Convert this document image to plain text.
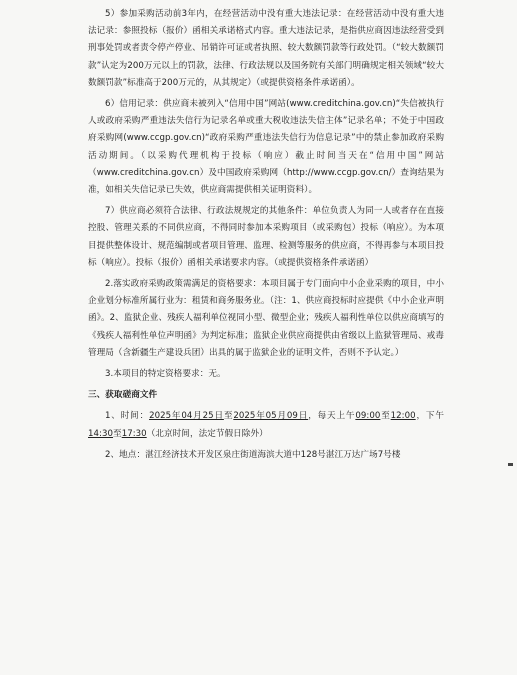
5）参加采购活动前3年内，在经营活动中没有重大违法记录：在经营活动中没有重大违法记录：参照投标（报价）函相关承诺格式内容。重大违法记录，是指供应商因违法经营受到刑事处罚或者责令停产停业、吊销许可证或者执照、较大数额罚款等行政处罚。（“较大数额罚款”认定为200万元以上的罚款，法律、行政法规以及国务院有关部门明确规定相关领域“较大数额罚款”标准高于200万元的，从其规定）（或提供资格条件承诺函）。

6）信用记录：供应商未被列入“信用中国”网站(www.creditchina.gov.cn)“失信被执行人或政府采购严重违法失信行为记录名单或重大税收违法失信主体”记录名单；不处于中国政府采购网(www.ccgp.gov.cn)“政府采购严重违法失信行为信息记录”中的禁止参加政府采购活动期间。（以采购代理机构于投标（响应）截止时间当天在“信用中国”网站（www.creditchina.gov.cn）及中国政府采购网（http://www.ccgp.gov.cn/）查询结果为准，如相关失信记录已失效，供应商需提供相关证明资料）。

7）供应商必须符合法律、行政法规规定的其他条件：单位负责人为同一人或者存在直接控股、管理关系的不同供应商，不得同时参加本采购项目（或采购包）投标（响应）。为本项目提供整体设计、规范编制或者项目管理、监理、检测等服务的供应商，不得再参与本项目投标（响应）。投标（报价）函相关承诺要求内容。（或提供资格条件承诺函）

2.落实政府采购政策需满足的资格要求：本项目属于专门面向中小企业采购的项目，中小企业划分标准所属行业为：租赁和商务服务业。（注：1、供应商投标时应提供《中小企业声明函》。2、监狱企业、残疾人福利单位视同小型、微型企业；残疾人福利性单位以供应商填写的《残疾人福利性单位声明函》为判定标准；监狱企业供应商提供由省级以上监狱管理局、戒毒管理局（含新疆生产建设兵团）出具的属于监狱企业的证明文件，否则不予认定。）

3.本项目的特定资格要求：无。

三、获取磋商文件

1、时间：2025年04月25日至2025年05月09日，每天上午09:00至12:00，下午14:30至17:30（北京时间，法定节假日除外）

2、地点：湛江经济技术开发区泉庄街道海滨大道中128号湛江万达广场7号楼
